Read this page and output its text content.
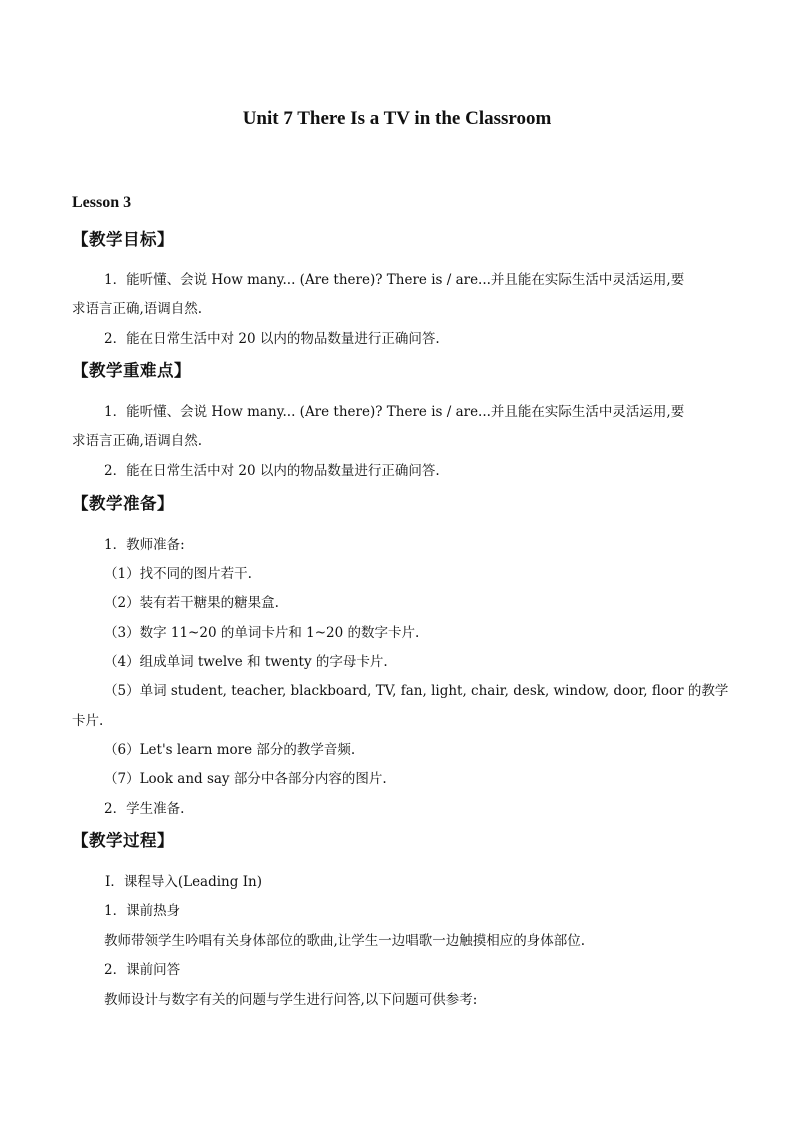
Unit 7 There Is a TV in the Classroom
Lesson 3
【教学目标】
1．能听懂、会说 How many... (Are there)? There is / are...并且能在实际生活中灵活运用,要
求语言正确,语调自然.
2．能在日常生活中对 20 以内的物品数量进行正确问答.
【教学重难点】
1．能听懂、会说 How many... (Are there)? There is / are...并且能在实际生活中灵活运用,要
求语言正确,语调自然.
2．能在日常生活中对 20 以内的物品数量进行正确问答.
【教学准备】
1．教师准备:
（1）找不同的图片若干.
（2）装有若干糖果的糖果盒.
（3）数字 11~20 的单词卡片和 1~20 的数字卡片.
（4）组成单词 twelve 和 twenty 的字母卡片.
（5）单词 student, teacher, blackboard, TV, fan, light, chair, desk, window, door, floor 的教学
卡片.
（6）Let's learn more 部分的教学音频.
（7）Look and say 部分中各部分内容的图片.
2．学生准备.
【教学过程】
Ⅰ．课程导入(Leading In)
1．课前热身
教师带领学生吟唱有关身体部位的歌曲,让学生一边唱歌一边触摸相应的身体部位.
2．课前问答
教师设计与数字有关的问题与学生进行问答,以下问题可供参考:
